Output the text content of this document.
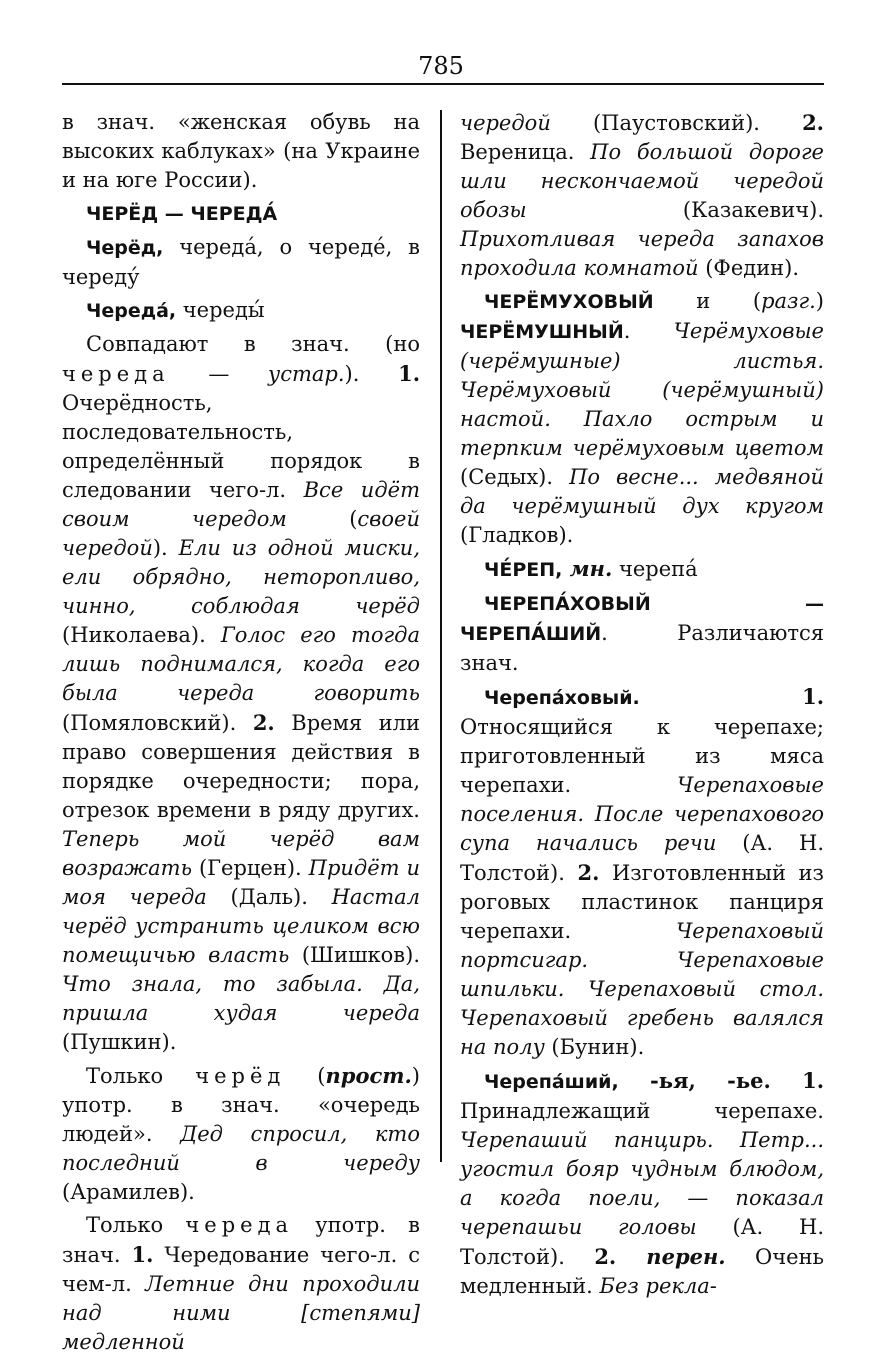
785

в знач. «женская обувь на высоких каблуках» (на Украине и на юге России).

ЧЕРЁД — ЧЕРЕДА́

Черёд, череда́, о череде́, в череду́

Череда́, череды́

Совпадают в знач. (но череда — устар.). 1. Очерёдность, последовательность, определённый порядок в следовании чего-л. Все идёт своим чередом (своей чередой). Ели из одной миски, ели обрядно, неторопливо, чинно, соблюдая черёд (Николаева). Голос его тогда лишь поднимался, когда его была череда говорить (Помяловский). 2. Время или право совершения действия в порядке очередности; пора, отрезок времени в ряду других. Теперь мой черёд вам возражать (Герцен). Придёт и моя череда (Даль). Настал черёд устранить целиком всю помещичью власть (Шишков). Что знала, то забыла. Да, пришла худая череда (Пушкин).

Только черёд (прост.) употр. в знач. «очередь людей». Дед спросил, кто последний в череду (Арамилев).

Только череда употр. в знач. 1. Чередование чего-л. с чем-л. Летние дни проходили над ними [степями] медленной

чередой (Паустовский). 2. Вереница. По большой дороге шли нескончаемой чередой обозы (Казакевич). Прихотливая череда запахов проходила комнатой (Федин).

ЧЕРЁМУХОВЫЙ и (разг.) ЧЕРЁМУШНЫЙ. Черёмуховые (черёмушные) листья. Черёмуховый (черёмушный) настой. Пахло острым и терпким черёмуховым цветом (Седых). По весне... медвяной да черёмушный дух кругом (Гладков).

ЧЕ́РЕП, мн. черепа́

ЧЕРЕПА́ХОВЫЙ — ЧЕРЕПА́ШИЙ. Различаются знач.

Черепа́ховый. 1. Относящийся к черепахе; приготовленный из мяса черепахи. Черепаховые поселения. После черепахового супа начались речи (А. Н. Толстой). 2. Изготовленный из роговых пластинок панциря черепахи. Черепаховый портсигар. Черепаховые шпильки. Черепаховый стол. Черепаховый гребень валялся на полу (Бунин).

Черепа́ший, -ья, -ье. 1. Принадлежащий черепахе. Черепаший панцирь. Петр... угостил бояр чудным блюдом, а когда поели, — показал черепашьи головы (А. Н. Толстой). 2. перен. Очень медленный. Без рекла-
